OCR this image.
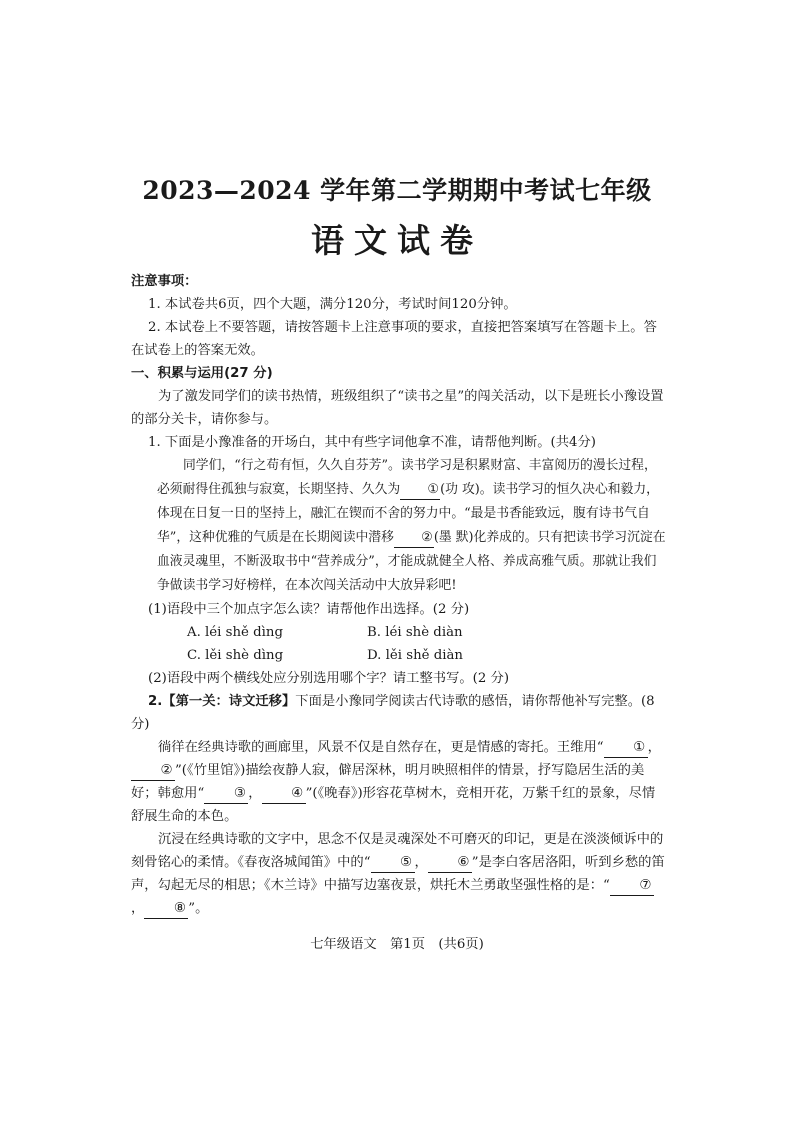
2023—2024 学年第二学期期中考试七年级
语文试卷

注意事项：

1. 本试卷共6页，四个大题，满分120分，考试时间120分钟。

2. 本试卷上不要答题，请按答题卡上注意事项的要求，直接把答案填写在答题卡上。答在试卷上的答案无效。

一、积累与运用(27 分)

为了激发同学们的读书热情，班级组织了“读书之星”的闯关活动，以下是班长小豫设置的部分关卡，请你参与。

1. 下面是小豫准备的开场白，其中有些字词他拿不准，请帮他判断。(共4分)

同学们，“行之苟有恒，久久自芬芳”。读书学习是积累财富、丰富阅历的漫长过程，必须耐得住孤独与寂寞，长期坚持、久久为 ①(功 攻)。读书学习的恒久决心和毅力，体现在日复一日的坚持上，融汇在锲而不舍的努力中。“最是书香能致远，腹有诗书气自华”，这种优雅的气质是在长期阅读中潜移 ②(墨 默)化养成的。只有把读书学习沉淀在血液灵魂里，不断汲取书中“营养成分”，才能成就健全人格、养成高雅气质。那就让我们争做读书学习好榜样，在本次闯关活动中大放异彩吧!

(1)语段中三个加点字怎么读？请帮他作出选择。(2 分)

A. léi shě dìng	B. léi shè diàn
C. lěi shè dìng	D. lěi shě diàn

(2)语段中两个横线处应分别选用哪个字？请工整书写。(2 分)

2.【第一关：诗文迁移】下面是小豫同学阅读古代诗歌的感悟，请你帮他补写完整。(8分)

徜徉在经典诗歌的画廊里，风景不仅是自然存在，更是情感的寄托。王维用“ ① ，② ”(《竹里馆》)描绘夜静人寂，僻居深林，明月映照相伴的情景，抒写隐居生活的美好；韩愈用“ ③ ， ④ ”(《晚春》)形容花草树木，竞相开花，万紫千红的景象，尽情舒展生命的本色。

沉浸在经典诗歌的文字中，思念不仅是灵魂深处不可磨灭的印记，更是在淡淡倾诉中的刻骨铭心的柔情。《春夜洛城闻笛》中的“ ⑤ ， ⑥ ”是李白客居洛阳，听到乡愁的笛声，勾起无尽的相思；《木兰诗》中描写边塞夜景，烘托木兰勇敢坚强性格的是：“ ⑦， ⑧ ”。

七年级语文　第1页　(共6页)
